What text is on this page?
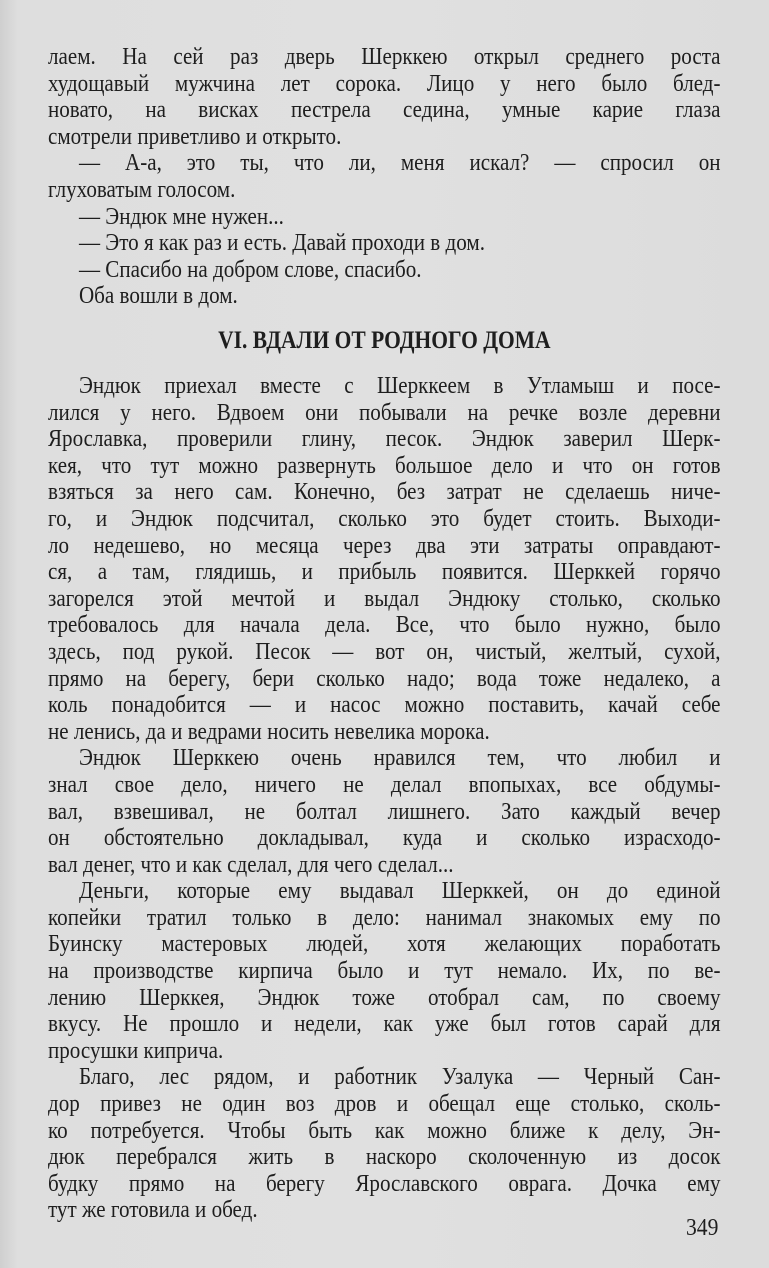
лаем. На сей раз дверь Шерккею открыл среднего роста
худощавый мужчина лет сорока. Лицо у него было блед-
новато, на висках пестрела седина, умные карие глаза
смотрели приветливо и открыто.
— А-а, это ты, что ли, меня искал? — спросил он
глуховатым голосом.
— Эндюк мне нужен...
— Это я как раз и есть. Давай проходи в дом.
— Спасибо на добром слове, спасибо.
Оба вошли в дом.
VI. ВДАЛИ ОТ РОДНОГО ДОМА
Эндюк приехал вместе с Шерккеем в Утламыш и посе-
лился у него. Вдвоем они побывали на речке возле деревни
Ярославка, проверили глину, песок. Эндюк заверил Шерк-
кея, что тут можно развернуть большое дело и что он готов
взяться за него сам. Конечно, без затрат не сделаешь ниче-
го, и Эндюк подсчитал, сколько это будет стоить. Выходи-
ло недешево, но месяца через два эти затраты оправдают-
ся, а там, глядишь, и прибыль появится. Шерккей горячо
загорелся этой мечтой и выдал Эндюку столько, сколько
требовалось для начала дела. Все, что было нужно, было
здесь, под рукой. Песок — вот он, чистый, желтый, сухой,
прямо на берегу, бери сколько надо; вода тоже недалеко, а
коль понадобится — и насос можно поставить, качай себе
не ленись, да и ведрами носить невелика морока.
Эндюк Шерккею очень нравился тем, что любил и
знал свое дело, ничего не делал впопыхах, все обдумы-
вал, взвешивал, не болтал лишнего. Зато каждый вечер
он обстоятельно докладывал, куда и сколько израсходо-
вал денег, что и как сделал, для чего сделал...
Деньги, которые ему выдавал Шерккей, он до единой
копейки тратил только в дело: нанимал знакомых ему по
Буинску мастеровых людей, хотя желающих поработать
на производстве кирпича было и тут немало. Их, по ве-
лению Шерккея, Эндюк тоже отобрал сам, по своему
вкусу. Не прошло и недели, как уже был готов сарай для
просушки киприча.
Благо, лес рядом, и работник Узалука — Черный Сан-
дор привез не один воз дров и обещал еще столько, сколь-
ко потребуется. Чтобы быть как можно ближе к делу, Эн-
дюк перебрался жить в наскоро сколоченную из досок
будку прямо на берегу Ярославского оврага. Дочка ему
тут же готовила и обед.
349
